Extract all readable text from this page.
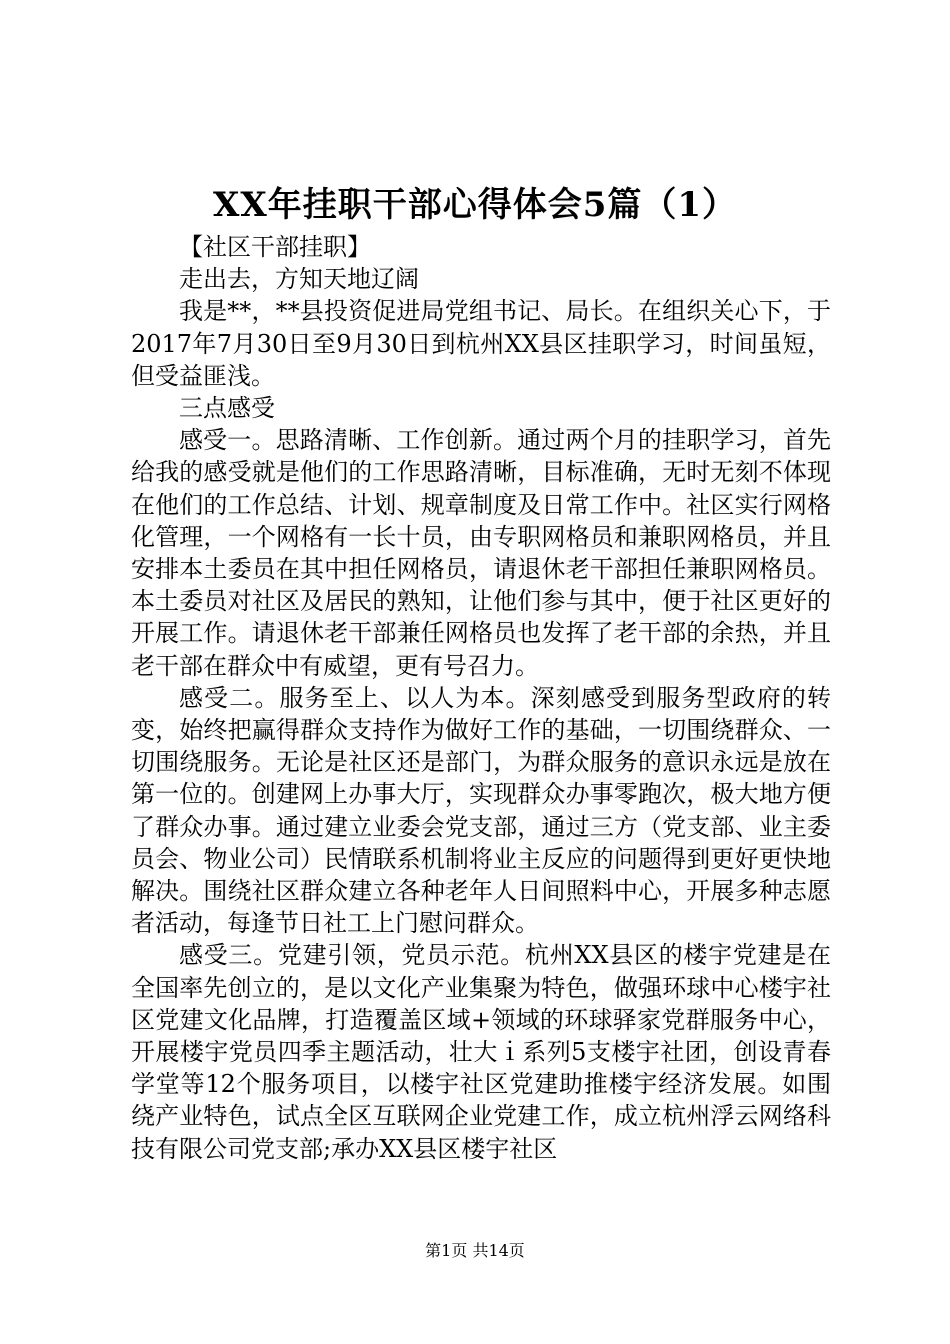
XX年挂职干部心得体会5篇（1）

【社区干部挂职】

走出去，方知天地辽阔

我是**，**县投资促进局党组书记、局长。在组织关心下，于2017年7月30日至9月30日到杭州XX县区挂职学习，时间虽短，但受益匪浅。

三点感受

感受一。思路清晰、工作创新。通过两个月的挂职学习，首先给我的感受就是他们的工作思路清晰，目标准确，无时无刻不体现在他们的工作总结、计划、规章制度及日常工作中。社区实行网格化管理，一个网格有一长十员，由专职网格员和兼职网格员，并且安排本土委员在其中担任网格员，请退休老干部担任兼职网格员。本土委员对社区及居民的熟知，让他们参与其中，便于社区更好的开展工作。请退休老干部兼任网格员也发挥了老干部的余热，并且老干部在群众中有威望，更有号召力。

感受二。服务至上、以人为本。深刻感受到服务型政府的转变，始终把赢得群众支持作为做好工作的基础，一切围绕群众、一切围绕服务。无论是社区还是部门，为群众服务的意识永远是放在第一位的。创建网上办事大厅，实现群众办事零跑次，极大地方便了群众办事。通过建立业委会党支部，通过三方（党支部、业主委员会、物业公司）民情联系机制将业主反应的问题得到更好更快地解决。围绕社区群众建立各种老年人日间照料中心，开展多种志愿者活动，每逢节日社工上门慰问群众。

感受三。党建引领，党员示范。杭州XX县区的楼宇党建是在全国率先创立的，是以文化产业集聚为特色，做强环球中心楼宇社区党建文化品牌，打造覆盖区域+领域的环球驿家党群服务中心，开展楼宇党员四季主题活动，壮大ｉ系列5支楼宇社团，创设青春学堂等12个服务项目，以楼宇社区党建助推楼宇经济发展。如围绕产业特色，试点全区互联网企业党建工作，成立杭州浮云网络科技有限公司党支部;承办XX县区楼宇社区

第1页 共14页
